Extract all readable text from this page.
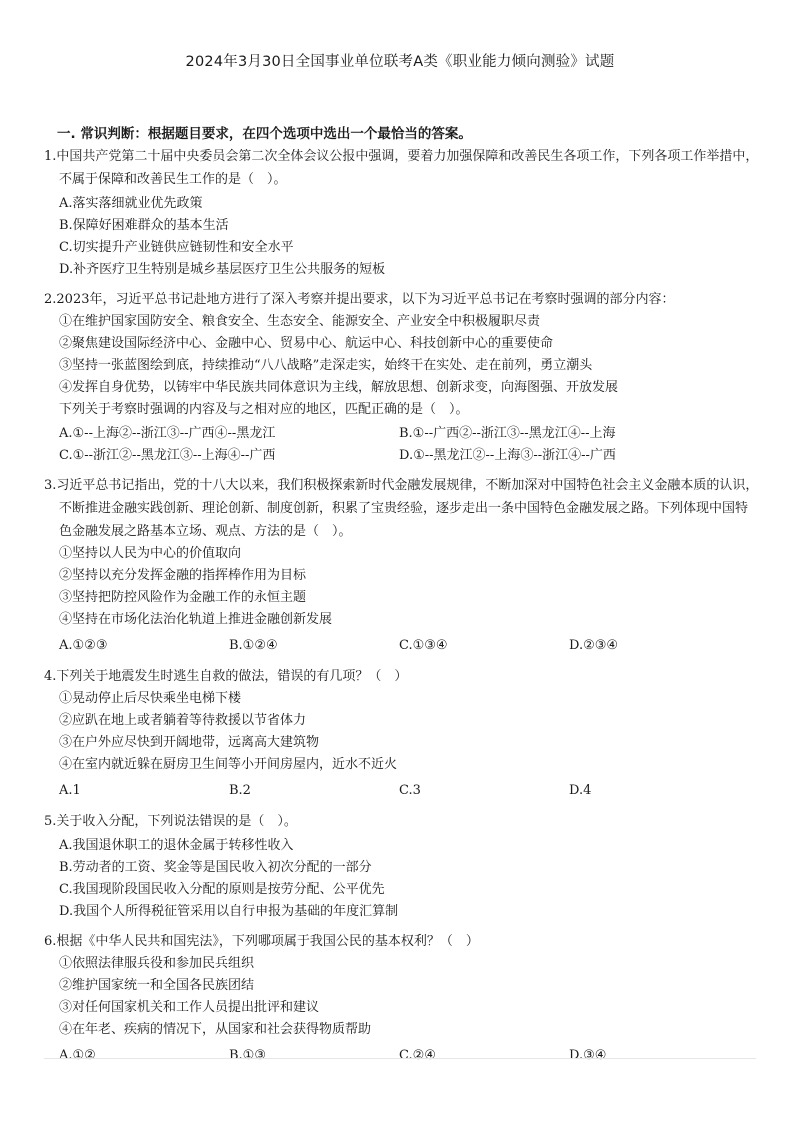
2024年3月30日全国事业单位联考A类《职业能力倾向测验》试题
一. 常识判断：根据题目要求，在四个选项中选出一个最恰当的答案。
1.中国共产党第二十届中央委员会第二次全体会议公报中强调，要着力加强保障和改善民生各项工作，下列各项工作举措中，不属于保障和改善民生工作的是（　）。
A.落实落细就业优先政策
B.保障好困难群众的基本生活
C.切实提升产业链供应链韧性和安全水平
D.补齐医疗卫生特别是城乡基层医疗卫生公共服务的短板
2.2023年，习近平总书记赴地方进行了深入考察并提出要求，以下为习近平总书记在考察时强调的部分内容：
①在维护国家国防安全、粮食安全、生态安全、能源安全、产业安全中积极履职尽责
②聚焦建设国际经济中心、金融中心、贸易中心、航运中心、科技创新中心的重要使命
③坚持一张蓝图绘到底，持续推动“八八战略”走深走实，始终干在实处、走在前列，勇立潮头
④发挥自身优势，以铸牢中华民族共同体意识为主线，解放思想、创新求变，向海图强、开放发展
下列关于考察时强调的内容及与之相对应的地区，匹配正确的是（　）。
A.①--上海②--浙江③--广西④--黑龙江	B.①--广西②--浙江③--黑龙江④--上海
C.①--浙江②--黑龙江③--上海④--广西	D.①--黑龙江②--上海③--浙江④--广西
3.习近平总书记指出，党的十八大以来，我们积极探索新时代金融发展规律，不断加深对中国特色社会主义金融本质的认识，不断推进金融实践创新、理论创新、制度创新，积累了宝贵经验，逐步走出一条中国特色金融发展之路。下列体现中国特色金融发展之路基本立场、观点、方法的是（　）。
①坚持以人民为中心的价值取向
②坚持以充分发挥金融的指挥棒作用为目标
③坚持把防控风险作为金融工作的永恒主题
④坚持在市场化法治化轨道上推进金融创新发展
A.①②③	B.①②④	C.①③④	D.②③④
4.下列关于地震发生时逃生自救的做法，错误的有几项？（　）
①晃动停止后尽快乘坐电梯下楼
②应趴在地上或者躺着等待救援以节省体力
③在户外应尽快到开阔地带，远离高大建筑物
④在室内就近躲在厨房卫生间等小开间房屋内，近水不近火
A.1	B.2	C.3	D.4
5.关于收入分配，下列说法错误的是（　）。
A.我国退休职工的退休金属于转移性收入
B.劳动者的工资、奖金等是国民收入初次分配的一部分
C.我国现阶段国民收入分配的原则是按劳分配、公平优先
D.我国个人所得税征管采用以自行申报为基础的年度汇算制
6.根据《中华人民共和国宪法》，下列哪项属于我国公民的基本权利？（　）
①依照法律服兵役和参加民兵组织
②维护国家统一和全国各民族团结
③对任何国家机关和工作人员提出批评和建议
④在年老、疾病的情况下，从国家和社会获得物质帮助
A.①②	B.①③	C.②④	D.③④
